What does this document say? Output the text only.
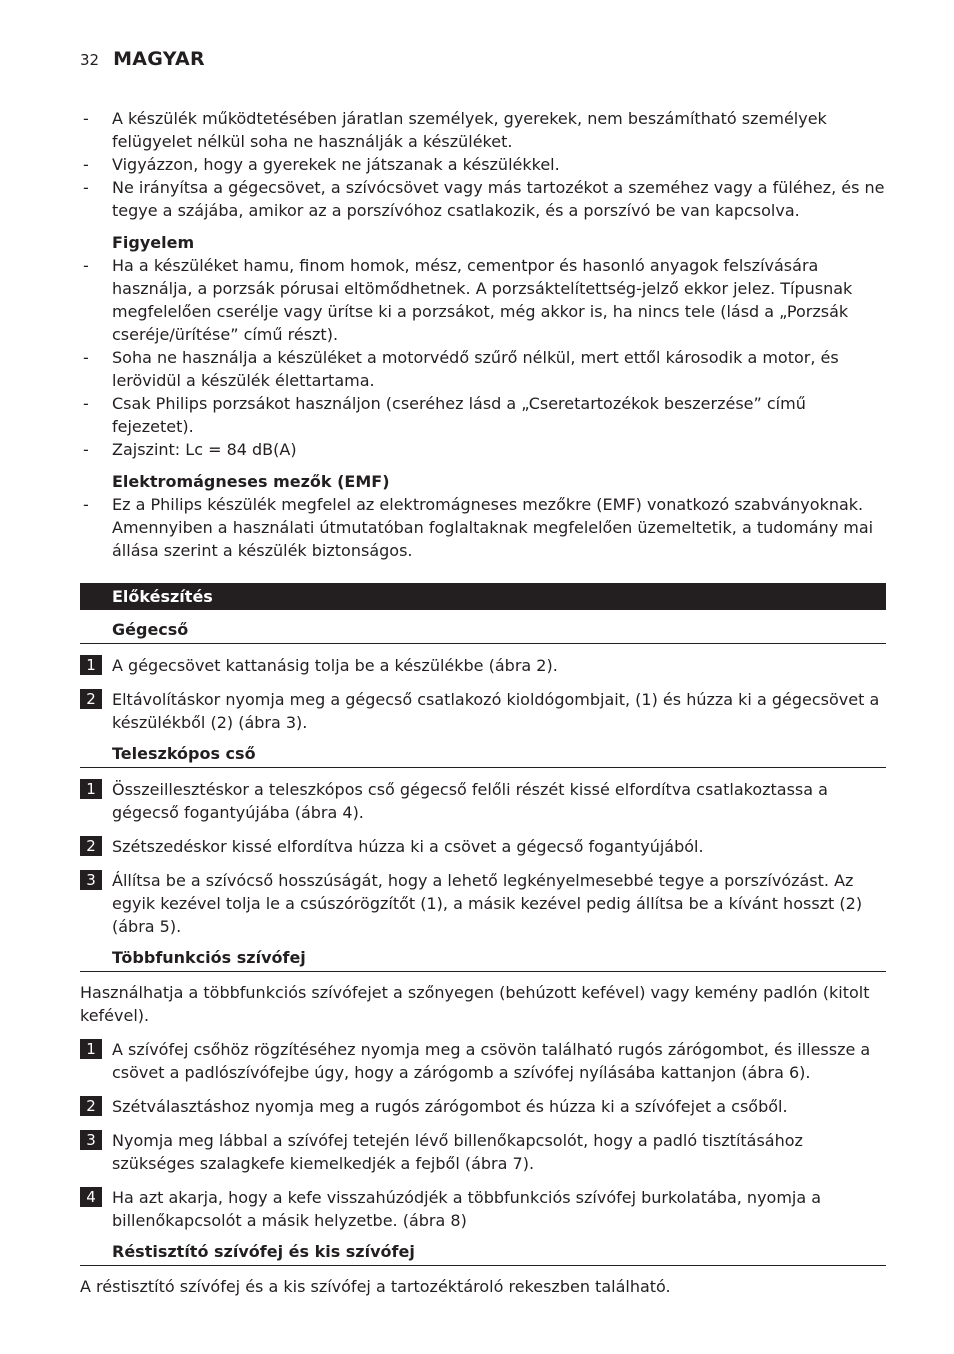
32 MAGYAR
- A készülék működtetésében járatlan személyek, gyerekek, nem beszámítható személyek felügyelet nélkül soha ne használják a készüléket.
- Vigyázzon, hogy a gyerekek ne játszanak a készülékkel.
- Ne irányítsa a gégecsövet, a szívócsövet vagy más tartozékot a szeméhez vagy a füléhez, és ne tegye a szájába, amikor az a porszívóhoz csatlakozik, és a porszívó be van kapcsolva.
Figyelem
- Ha a készüléket hamu, finom homok, mész, cementpor és hasonló anyagok felszívására használja, a porzsák pórusai eltömődhetnek. A porzsáktelítettség-jelző ekkor jelez. Típusnak megfelelően cserélje vagy ürítse ki a porzsákot, még akkor is, ha nincs tele (lásd a „Porzsák cseréje/ürítése” című részt).
- Soha ne használja a készüléket a motorvédő szűrő nélkül, mert ettől károsodik a motor, és lerövidül a készülék élettartama.
- Csak Philips porzsákot használjon (cseréhez lásd a „Cseretartozékok beszerzése” című fejezetet).
- Zajszint: Lc = 84 dB(A)
Elektromágneses mezők (EMF)
- Ez a Philips készülék megfelel az elektromágneses mezőkre (EMF) vonatkozó szabványoknak. Amennyiben a használati útmutatóban foglaltaknak megfelelően üzemeltetik, a tudomány mai állása szerint a készülék biztonságos.
Előkészítés
Gégecső
1	A gégecsövet kattanásig tolja be a készülékbe (ábra 2).
2	Eltávolításkor nyomja meg a gégecső csatlakozó kioldógombjait, (1) és húzza ki a gégecsövet a készülékből (2) (ábra 3).
Teleszkópos cső
1	Összeillesztéskor a teleszkópos cső gégecső felőli részét kissé elfordítva csatlakoztassa a gégecső fogantyújába (ábra 4).
2	Szétszedéskor kissé elfordítva húzza ki a csövet a gégecső fogantyújából.
3	Állítsa be a szívócső hosszúságát, hogy a lehető legkényelmesebbé tegye a porszívózást. Az egyik kezével tolja le a csúszórögzítőt (1), a másik kezével pedig állítsa be a kívánt hosszt (2) (ábra 5).
Többfunkciós szívófej
Használhatja a többfunkciós szívófejet a szőnyegen (behúzott kefével) vagy kemény padlón (kitolt kefével).
1	A szívófej csőhöz rögzítéséhez nyomja meg a csövön található rugós zárógombot, és illessze a csövet a padlószívófejbe úgy, hogy a zárógomb a szívófej nyílásába kattanjon (ábra 6).
2	Szétválasztáshoz nyomja meg a rugós zárógombot és húzza ki a szívófejet a csőből.
3	Nyomja meg lábbal a szívófej tetején lévő billenőkapcsolót, hogy a padló tisztításához szükséges szalagkefe kiemelkedjék a fejből (ábra 7).
4	Ha azt akarja, hogy a kefe visszahúzódjék a többfunkciós szívófej burkolatába, nyomja a billenőkapcsolót a másik helyzetbe. (ábra 8)
Réstisztító szívófej és kis szívófej
A réstisztító szívófej és a kis szívófej a tartozéktároló rekeszben található.
